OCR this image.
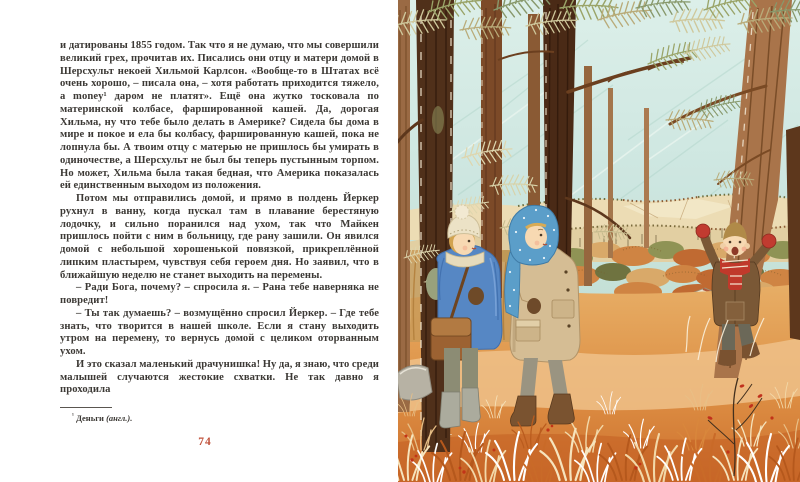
и датированы 1855 годом. Так что я не думаю, что мы совершили великий грех, прочитав их. Писались они отцу и матери домой в Шерсхульт некоей Хильмой Карлсон. «Вообще-то в Штатах всё очень хорошо, – писала она, – хотя работать приходится тяжело, а money¹ даром не платят». Ещё она жутко тосковала по материнской колбасе, фаршированной кашей. Да, дорогая Хильма, ну что тебе было делать в Америке? Сидела бы дома в мире и покое и ела бы колбасу, фаршированную кашей, пока не лопнула бы. А твоим отцу с матерью не пришлось бы умирать в одиночестве, а Шерсхульт не был бы теперь пустынным торпом. Но может, Хильма была такая бедная, что Америка показалась ей единственным выходом из положения.

Потом мы отправились домой, и прямо в полдень Йеркер рухнул в ванну, когда пускал там в плавание берестяную лодочку, и сильно поранился над ухом, так что Майкен пришлось пойти с ним в больницу, где рану зашили. Он явился домой с небольшой хорошенькой повязкой, прикреплённой липким пластырем, чувствуя себя героем дня. Но заявил, что в ближайшую неделю не станет выходить на перемены.

– Ради Бога, почему? – спросила я. – Рана тебе наверняка не повредит!

– Ты так думаешь? – возмущённо спросил Йеркер. – Где тебе знать, что творится в нашей школе. Если я стану выходить утром на перемену, то вернусь домой с целиком оторванным ухом.

И это сказал маленький драчунишка! Ну да, я знаю, что среди малышей случаются жестокие схватки. Не так давно я проходила

$^{^1}$ Деньги (англ.).
74
